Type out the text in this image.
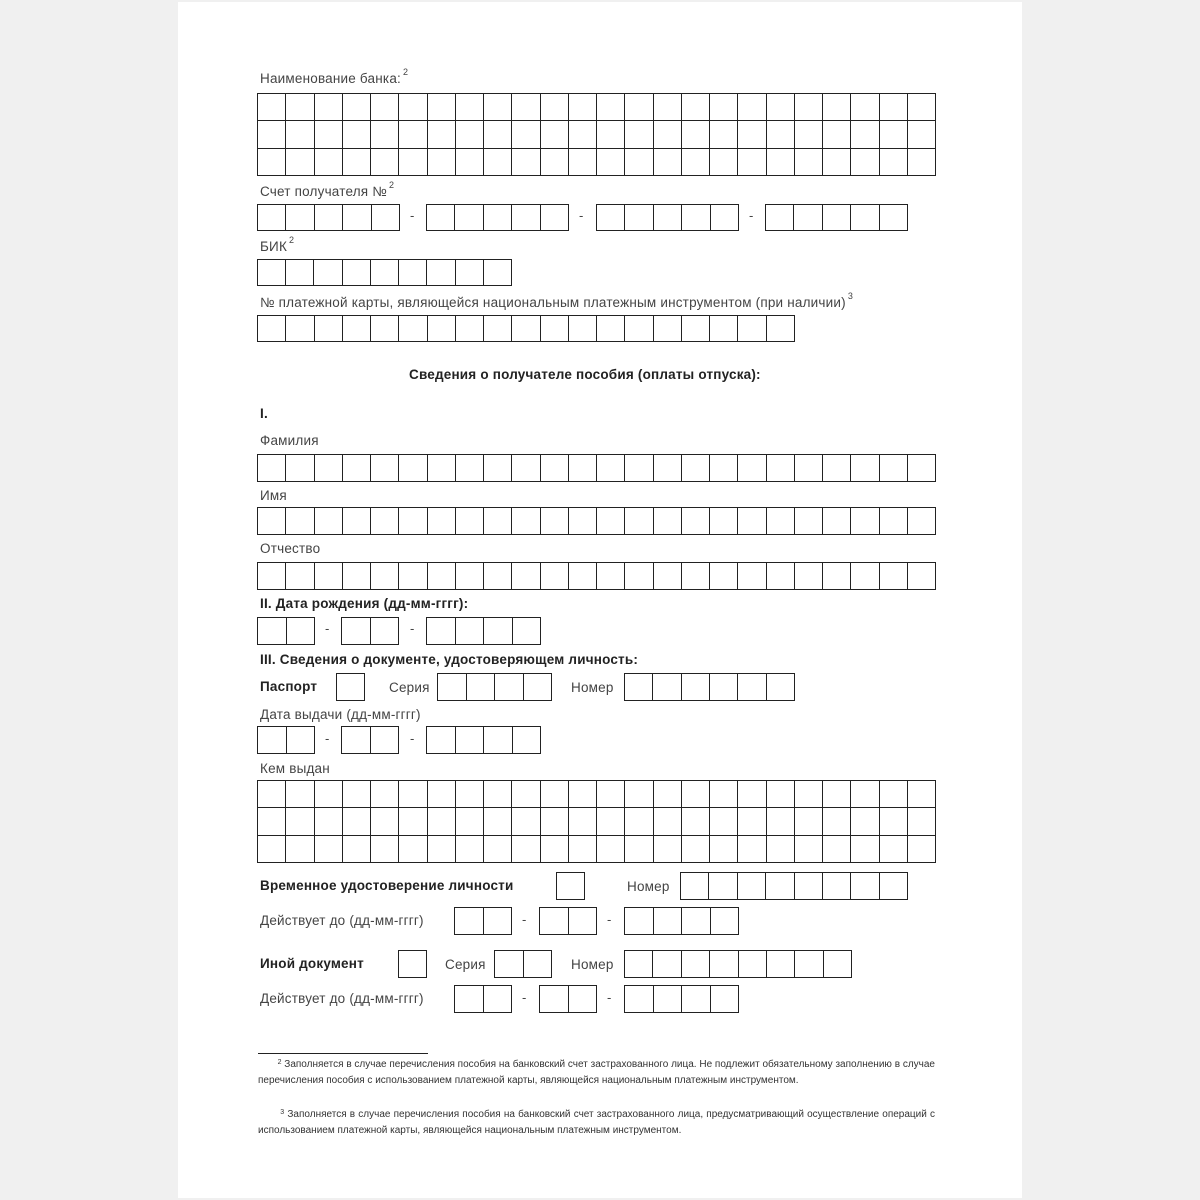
Наименование банка: $^2$
Счет получателя № $^2$
-	-	-
БИК $^2$
№ платежной карты, являющейся национальным платежным инструментом (при наличии) $^3$
Сведения о получателе пособия (оплаты отпуска):
I.
Фамилия
Имя
Отчество
II. Дата рождения (дд-мм-гггг):
-	-
III. Сведения о документе, удостоверяющем личность:
Паспорт	Серия	Номер
Дата выдачи (дд-мм-гггг)
-	-
Кем выдан
Временное удостоверение личности	Номер
Действует до (дд-мм-гггг)	-	-
Иной документ	Серия	Номер
Действует до (дд-мм-гггг)	-	-
$^2$ Заполняется в случае перечисления пособия на банковский счет застрахованного лица. Не подлежит обязательному заполнению в случае перечисления пособия с использованием платежной карты, являющейся национальным платежным инструментом.
$^3$ Заполняется в случае перечисления пособия на банковский счет застрахованного лица, предусматривающий осуществление операций с использованием платежной карты, являющейся национальным платежным инструментом.
